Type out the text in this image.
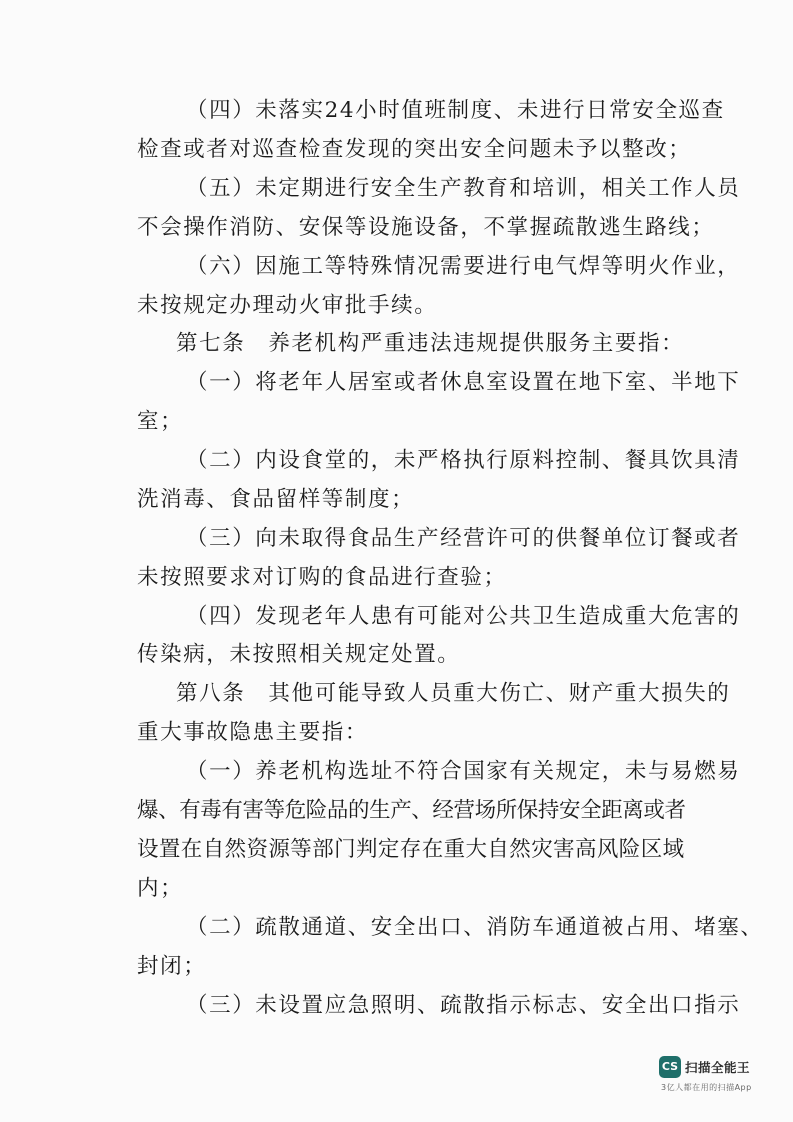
（四）未落实24小时值班制度、未进行日常安全巡查
检查或者对巡查检查发现的突出安全问题未予以整改；
（五）未定期进行安全生产教育和培训，相关工作人员
不会操作消防、安保等设施设备，不掌握疏散逃生路线；
（六）因施工等特殊情况需要进行电气焊等明火作业，
未按规定办理动火审批手续。
第七条　养老机构严重违法违规提供服务主要指：
（一）将老年人居室或者休息室设置在地下室、半地下
室；
（二）内设食堂的，未严格执行原料控制、餐具饮具清
洗消毒、食品留样等制度；
（三）向未取得食品生产经营许可的供餐单位订餐或者
未按照要求对订购的食品进行查验；
（四）发现老年人患有可能对公共卫生造成重大危害的
传染病，未按照相关规定处置。
第八条　其他可能导致人员重大伤亡、财产重大损失的
重大事故隐患主要指：
（一）养老机构选址不符合国家有关规定，未与易燃易
爆、有毒有害等危险品的生产、经营场所保持安全距离或者
设置在自然资源等部门判定存在重大自然灾害高风险区域
内；
（二）疏散通道、安全出口、消防车通道被占用、堵塞、
封闭；
（三）未设置应急照明、疏散指示标志、安全出口指示
CS 扫描全能王
3亿人都在用的扫描App
